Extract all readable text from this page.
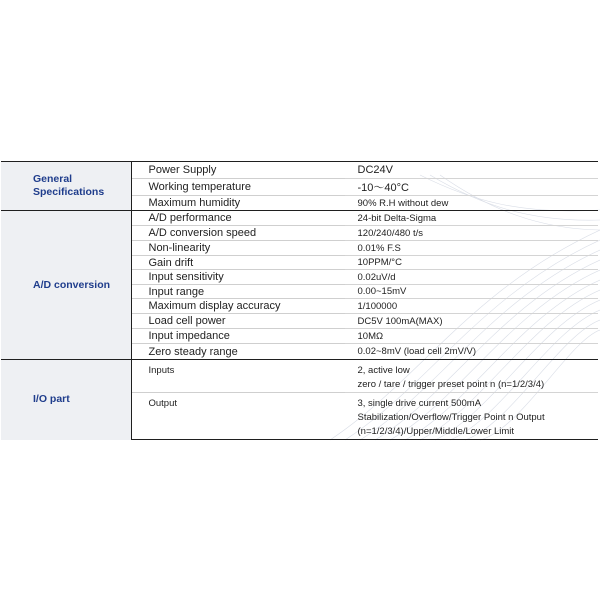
General Specifications	Power Supply	DC24V
	Working temperature	-10～40°C
	Maximum humidity	90% R.H without dew
A/D conversion	A/D performance	24-bit Delta-Sigma
	A/D conversion speed	120/240/480 t/s
	Non-linearity	0.01% F.S
	Gain drift	10PPM/°C
	Input sensitivity	0.02uV/d
	Input range	0.00~15mV
	Maximum display accuracy	1/100000
	Load cell power	DC5V 100mA(MAX)
	Input impedance	10MΩ
	Zero steady range	0.02~8mV (load cell 2mV/V)
I/O part	Inputs	2, active low
zero / tare / trigger preset point n (n=1/2/3/4)

	Output	3, single drive current 500mA
Stabilization/Overflow/Trigger Point n Output
(n=1/2/3/4)/Upper/Middle/Lower Limit
